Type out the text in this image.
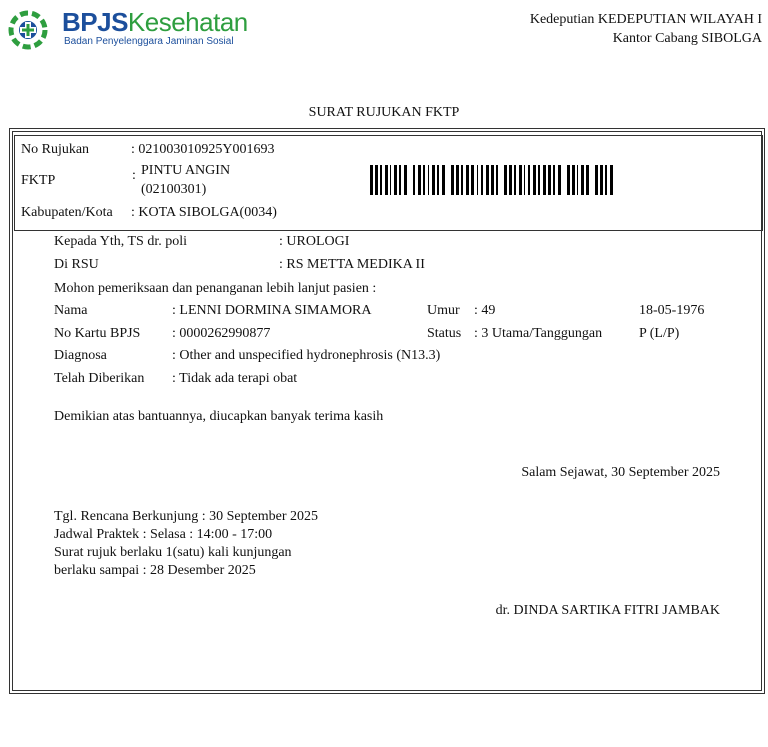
BPJSKesehatan
Badan Penyelenggara Jaminan Sosial
Kedeputian KEDEPUTIAN WILAYAH I
Kantor Cabang SIBOLGA
SURAT RUJUKAN FKTP
No Rujukan	: 021003010925Y001693
FKTP	: PINTU ANGIN
(02100301)
Kabupaten/Kota : KOTA SIBOLGA(0034)
Kepada Yth, TS dr. poli	: UROLOGI
Di RSU	: RS METTA MEDIKA II
Mohon pemeriksaan dan penanganan lebih lanjut pasien :
Nama	: LENNI DORMINA SIMAMORA	Umur : 49	18-05-1976
No Kartu BPJS : 0000262990877	Status : 3 Utama/Tanggungan	P (L/P)
Diagnosa	: Other and unspecified hydronephrosis (N13.3)
Telah Diberikan : Tidak ada terapi obat
Demikian atas bantuannya, diucapkan banyak terima kasih
Salam Sejawat, 30 September 2025
Tgl. Rencana Berkunjung : 30 September 2025
Jadwal Praktek : Selasa : 14:00 - 17:00
Surat rujuk berlaku 1(satu) kali kunjungan
berlaku sampai : 28 Desember 2025
dr. DINDA SARTIKA FITRI JAMBAK
